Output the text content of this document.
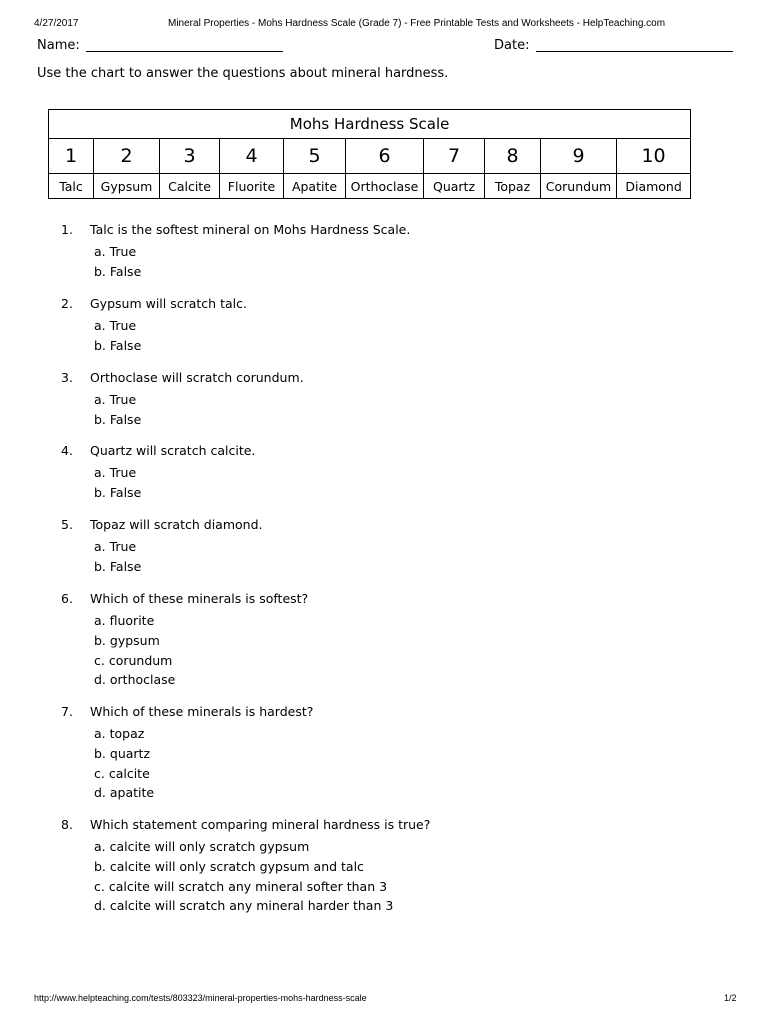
4/27/2017	Mineral Properties - Mohs Hardness Scale (Grade 7) - Free Printable Tests and Worksheets - HelpTeaching.com
Name:	Date:
Use the chart to answer the questions about mineral hardness.
Mohs Hardness Scale									
1	2	3	4	5	6	7	8	9	10
Talc	Gypsum	Calcite	Fluorite	Apatite	Orthoclase	Quartz	Topaz	Corundum	Diamond
1. Talc is the softest mineral on Mohs Hardness Scale.
a. True
b. False
2. Gypsum will scratch talc.
a. True
b. False
3. Orthoclase will scratch corundum.
a. True
b. False
4. Quartz will scratch calcite.
a. True
b. False
5. Topaz will scratch diamond.
a. True
b. False
6. Which of these minerals is softest?
a. fluorite
b. gypsum
c. corundum
d. orthoclase
7. Which of these minerals is hardest?
a. topaz
b. quartz
c. calcite
d. apatite
8. Which statement comparing mineral hardness is true?
a. calcite will only scratch gypsum
b. calcite will only scratch gypsum and talc
c. calcite will scratch any mineral softer than 3
d. calcite will scratch any mineral harder than 3
http://www.helpteaching.com/tests/803323/mineral-properties-mohs-hardness-scale	1/2
